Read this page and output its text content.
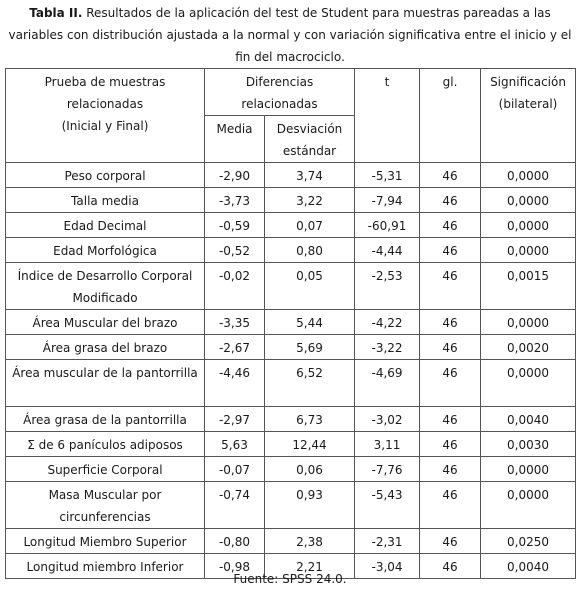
Tabla II. Resultados de la aplicación del test de Student para muestras pareadas a las variables con distribución ajustada a la normal y con variación significativa entre el inicio y el fin del macrociclo.
Prueba de muestras
relacionadas
(Inicial y Final)	Diferencias relacionadas		t	gl.	Significación (bilateral)
	Media	Desviación estándar			
Peso corporal	-2,90	3,74	-5,31	46	0,0000
Talla media	-3,73	3,22	-7,94	46	0,0000
Edad Decimal	-0,59	0,07	-60,91	46	0,0000
Edad Morfológica	-0,52	0,80	-4,44	46	0,0000
Índice de Desarrollo Corporal Modificado	-0,02	0,05	-2,53	46	0,0015
Área Muscular del brazo	-3,35	5,44	-4,22	46	0,0000
Área grasa del brazo	-2,67	5,69	-3,22	46	0,0020
Área muscular de la pantorrilla	-4,46	6,52	-4,69	46	0,0000
Área grasa de la pantorrilla	-2,97	6,73	-3,02	46	0,0040
Σ de 6 panículos adiposos	5,63	12,44	3,11	46	0,0030
Superficie Corporal	-0,07	0,06	-7,76	46	0,0000
Masa Muscular por circunferencias	-0,74	0,93	-5,43	46	0,0000
Longitud Miembro Superior	-0,80	2,38	-2,31	46	0,0250
Longitud miembro Inferior	-0,98	2,21	-3,04	46	0,0040
Fuente: SPSS 24.0.
